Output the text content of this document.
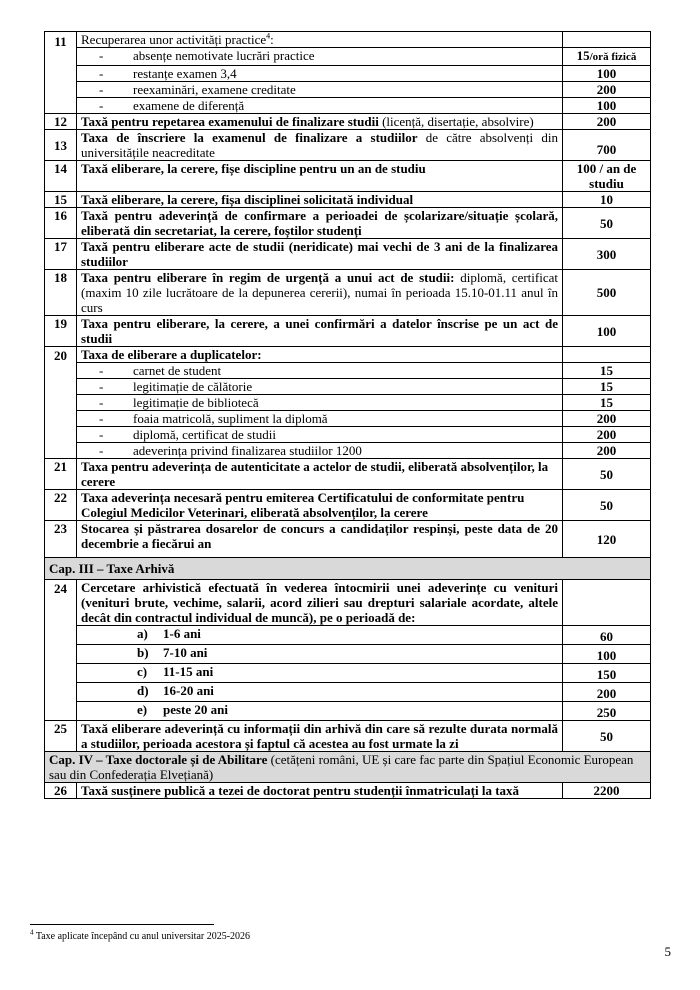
11	Recuperarea unor activități practice$^4$:	
	- absențe nemotivate lucrări practice	15/oră fizică
	- restanțe examen 3,4	100
	- reexaminări, examene creditate	200
	- examene de diferență	100
12	Taxă pentru repetarea examenului de finalizare studii (licență, disertație, absolvire)	200
13	Taxa de înscriere la examenul de finalizare a studiilor de către absolvenți din universitățile neacreditate	700
14	Taxă eliberare, la cerere, fișe discipline pentru un an de studiu	100 / an de
studiu

15	Taxă eliberare, la cerere, fișa disciplinei solicitată individual	10
16	Taxă pentru adeverință de confirmare a perioadei de școlarizare/situație școlară, eliberată din secretariat, la cerere, foștilor studenți	50
17	Taxă pentru eliberare acte de studii (neridicate) mai vechi de 3 ani de la finalizarea studiilor	300
18	Taxa pentru eliberare în regim de urgență a unui act de studii: diplomă, certificat (maxim 10 zile lucrătoare de la depunerea cererii), numai în perioada 15.10-01.11 anul în curs	500
19	Taxa pentru eliberare, la cerere, a unei confirmări a datelor înscrise pe un act de studii	100
20	Taxa de eliberare a duplicatelor:	
	- carnet de student	15
	- legitimație de călătorie	15
	- legitimație de bibliotecă	15
	- foaia matricolă, supliment la diplomă	200
	- diplomă, certificat de studii	200
	- adeverința privind finalizarea studiilor 1200	200
21	Taxa pentru adeverința de autenticitate a actelor de studii, eliberată absolvenților, la cerere	50
22	Taxa adeverința necesară pentru emiterea Certificatului de conformitate pentru Colegiul Medicilor Veterinari, eliberată absolvenților, la cerere	50
23	Stocarea și păstrarea dosarelor de concurs a candidaților respinși, peste data de 20 decembrie a fiecărui an	120
Cap. III – Taxe Arhivă		
24	Cercetare arhivistică efectuată în vederea întocmirii unei adeverințe cu venituri (venituri brute, vechime, salarii, acord zilieri sau drepturi salariale acordate, altele decât din contractul individual de muncă), pe o perioadă de:	
	a) 1-6 ani	60
	b) 7-10 ani	100
	c) 11-15 ani	150
	d) 16-20 ani	200
	e) peste 20 ani	250
25	Taxă eliberare adeverință cu informații din arhivă din care să rezulte durata normală a studiilor, perioada acestora și faptul că acestea au fost urmate la zi	50
Cap. IV – Taxe doctorale și de Abilitare (cetățeni români, UE și care fac parte din Spațiul Economic European sau din Confederația Elvețiană)		
26	Taxă susținere publică a tezei de doctorat pentru studenții înmatriculați la taxă	2200
$^4$ Taxe aplicate începând cu anul universitar 2025-2026
5
